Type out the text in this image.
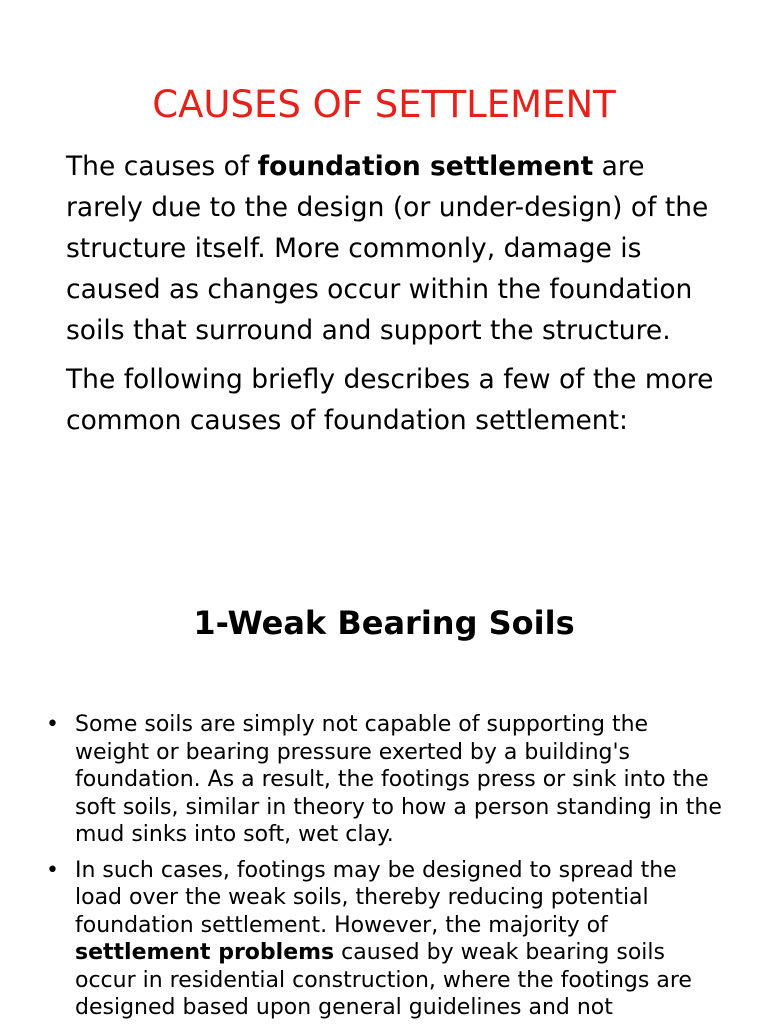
CAUSES OF SETTLEMENT

The causes of foundation settlement are rarely due to the design (or under-design) of the structure itself. More commonly, damage is caused as changes occur within the foundation soils that surround and support the structure.

The following briefly describes a few of the more common causes of foundation settlement:

1-Weak Bearing Soils
• Some soils are simply not capable of supporting the weight or bearing pressure exerted by a building's foundation. As a result, the footings press or sink into the soft soils, similar in theory to how a person standing in the mud sinks into soft, wet clay.
• In such cases, footings may be designed to spread the load over the weak soils, thereby reducing potential foundation settlement. However, the majority of settlement problems caused by weak bearing soils occur in residential construction, where the footings are designed based upon general guidelines and not
